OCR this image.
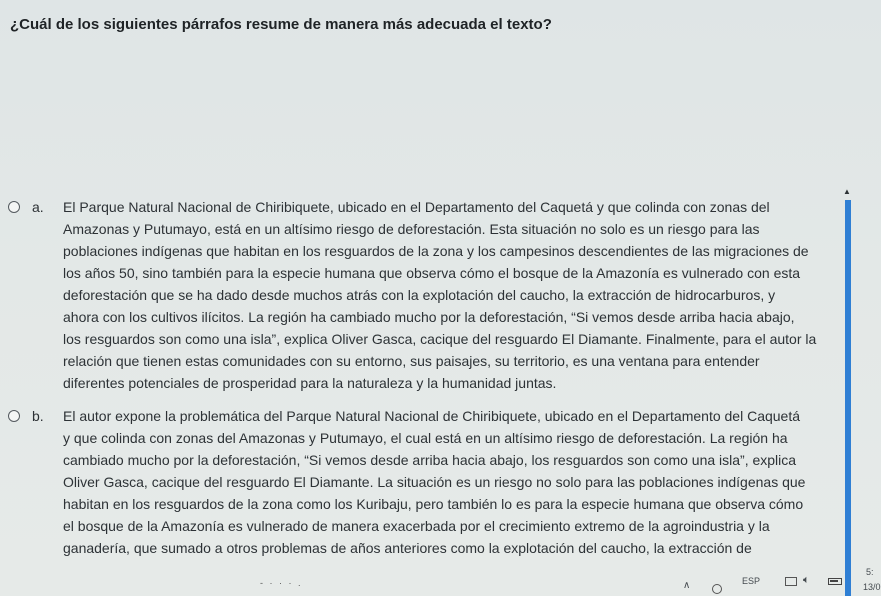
¿Cuál de los siguientes párrafos resume de manera más adecuada el texto?
a. El Parque Natural Nacional de Chiribiquete, ubicado en el Departamento del Caquetá y que colinda con zonas del
Amazonas y Putumayo, está en un altísimo riesgo de deforestación. Esta situación no solo es un riesgo para las
poblaciones indígenas que habitan en los resguardos de la zona y los campesinos descendientes de las migraciones de
los años 50, sino también para la especie humana que observa cómo el bosque de la Amazonía es vulnerado con esta
deforestación que se ha dado desde muchos atrás con la explotación del caucho, la extracción de hidrocarburos, y
ahora con los cultivos ilícitos. La región ha cambiado mucho por la deforestación, “Si vemos desde arriba hacia abajo,
los resguardos son como una isla”, explica Oliver Gasca, cacique del resguardo El Diamante. Finalmente, para el autor la
relación que tienen estas comunidades con su entorno, sus paisajes, su territorio, es una ventana para entender
diferentes potenciales de prosperidad para la naturaleza y la humanidad juntas.
b. El autor expone la problemática del Parque Natural Nacional de Chiribiquete, ubicado en el Departamento del Caquetá
y que colinda con zonas del Amazonas y Putumayo, el cual está en un altísimo riesgo de deforestación. La región ha
cambiado mucho por la deforestación, “Si vemos desde arriba hacia abajo, los resguardos son como una isla”, explica
Oliver Gasca, cacique del resguardo El Diamante. La situación es un riesgo no solo para las poblaciones indígenas que
habitan en los resguardos de la zona como los Kuribaju, pero también lo es para la especie humana que observa cómo
el bosque de la Amazonía es vulnerado de manera exacerbada por el crecimiento extremo de la agroindustria y la
ganadería, que sumado a otros problemas de años anteriores como la explotación del caucho, la extracción de
▲
- · · · .	∧	ESP	🔈︎
5:
13/0
